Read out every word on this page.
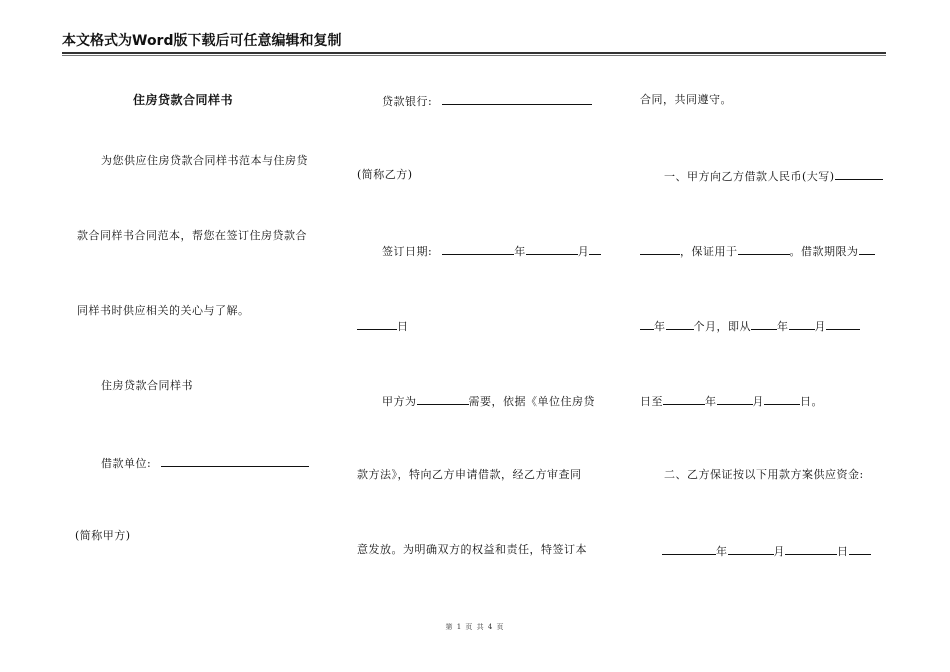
本文格式为Word版下载后可任意编辑和复制
住房贷款合同样书
为您供应住房贷款合同样书范本与住房贷
款合同样书合同范本，帮您在签订住房贷款合
同样书时供应相关的关心与了解。
住房贷款合同样书
借款单位:
(简称甲方)
贷款银行:
(简称乙方)
签订日期:	年	月
日
甲方为	需要，依据《单位住房贷
款方法》，特向乙方申请借款，经乙方审查同
意发放。为明确双方的权益和责任，特签订本
合同，共同遵守。
一、甲方向乙方借款人民币(大写)
，保证用于	。借款期限为
年	个月，即从 年 月
日至	年	月	日。
二、乙方保证按以下用款方案供应资金:
年	月	日
第 1 页 共 4 页
